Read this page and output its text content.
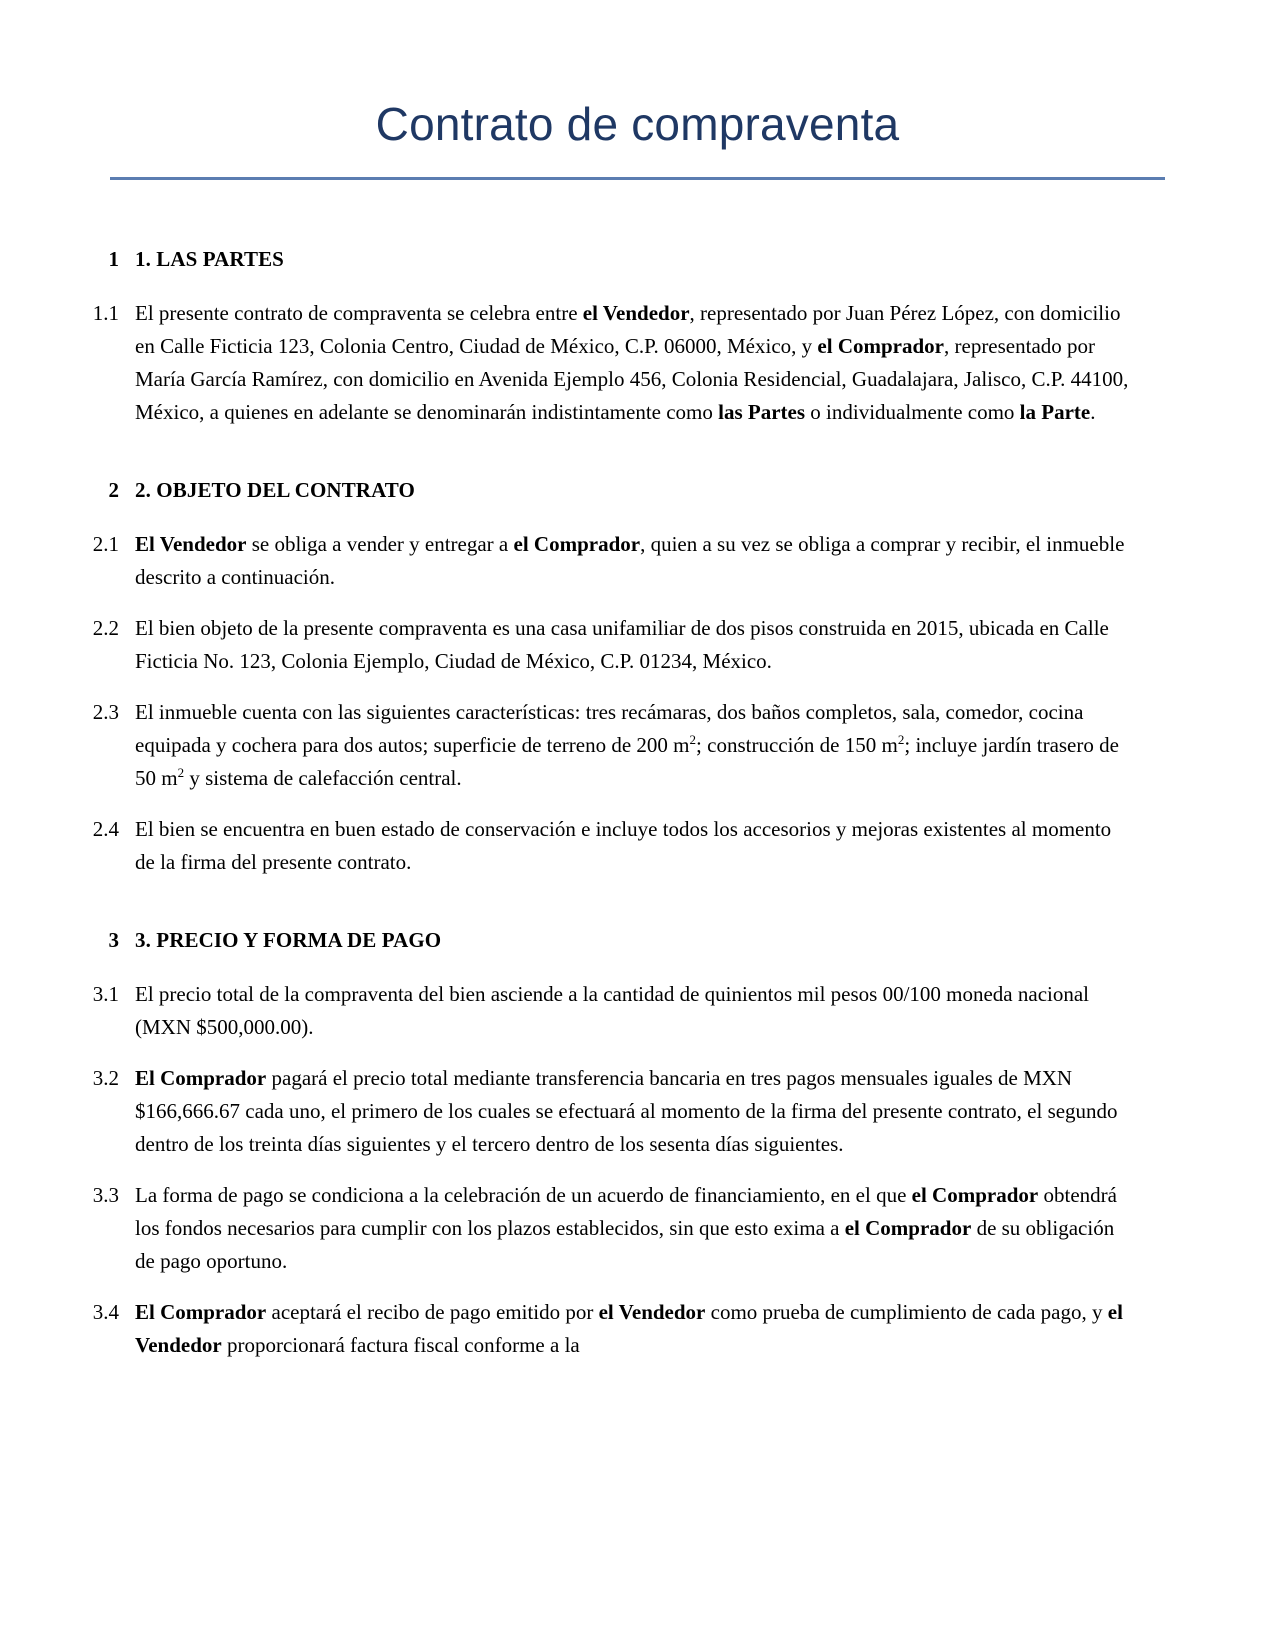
Contrato de compraventa
1 1. LAS PARTES
1.1 El presente contrato de compraventa se celebra entre el Vendedor, representado por Juan Pérez López, con domicilio en Calle Ficticia 123, Colonia Centro, Ciudad de México, C.P. 06000, México, y el Comprador, representado por María García Ramírez, con domicilio en Avenida Ejemplo 456, Colonia Residencial, Guadalajara, Jalisco, C.P. 44100, México, a quienes en adelante se denominarán indistintamente como las Partes o individualmente como la Parte.
2 2. OBJETO DEL CONTRATO
2.1 El Vendedor se obliga a vender y entregar a el Comprador, quien a su vez se obliga a comprar y recibir, el inmueble descrito a continuación.
2.2 El bien objeto de la presente compraventa es una casa unifamiliar de dos pisos construida en 2015, ubicada en Calle Ficticia No. 123, Colonia Ejemplo, Ciudad de México, C.P. 01234, México.
2.3 El inmueble cuenta con las siguientes características: tres recámaras, dos baños completos, sala, comedor, cocina equipada y cochera para dos autos; superficie de terreno de 200 $m^2$; construcción de 150 $m^2$; incluye jardín trasero de 50 $m^2$ y sistema de calefacción central.
2.4 El bien se encuentra en buen estado de conservación e incluye todos los accesorios y mejoras existentes al momento de la firma del presente contrato.
3 3. PRECIO Y FORMA DE PAGO
3.1 El precio total de la compraventa del bien asciende a la cantidad de quinientos mil pesos 00/100 moneda nacional (MXN $500,000.00).
3.2 El Comprador pagará el precio total mediante transferencia bancaria en tres pagos mensuales iguales de MXN $166,666.67 cada uno, el primero de los cuales se efectuará al momento de la firma del presente contrato, el segundo dentro de los treinta días siguientes y el tercero dentro de los sesenta días siguientes.
3.3 La forma de pago se condiciona a la celebración de un acuerdo de financiamiento, en el que el Comprador obtendrá los fondos necesarios para cumplir con los plazos establecidos, sin que esto exima a el Comprador de su obligación de pago oportuno.
3.4 El Comprador aceptará el recibo de pago emitido por el Vendedor como prueba de cumplimiento de cada pago, y el Vendedor proporcionará factura fiscal conforme a la
